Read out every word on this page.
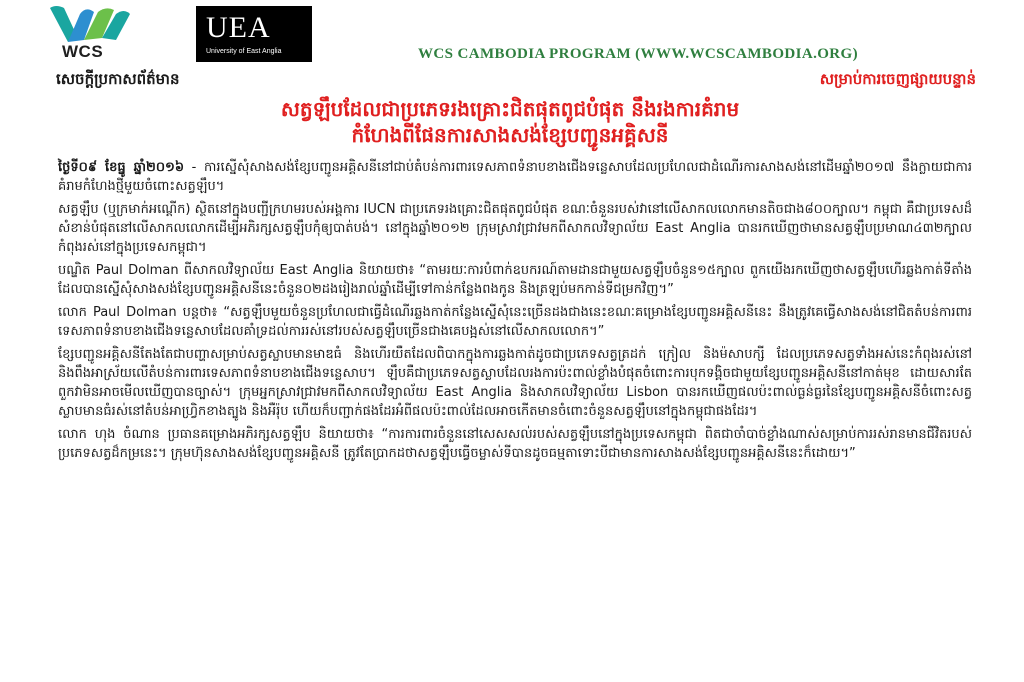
WCS
UEA
University of East Anglia	WCS CAMBODIA PROGRAM (WWW.WCSCAMBODIA.ORG)
សេចក្តីប្រកាសព័ត៌មាន	សម្រាប់ការចេញផ្សាយបន្ទាន់
សត្វឡឹបដែលជាប្រភេទរងគ្រោះជិតផុតពូជបំផុត នឹងរងការគំរាម
កំហែងពីផែនការសាងសង់ខ្សែបញ្ជូនអគ្គិសនី

ថ្ងៃទី០៩ ខែធ្នូ ឆ្នាំ២០១៦ - ការស្នើសុំសាងសង់ខ្សែបញ្ជូនអគ្គិសនីនៅជាប់តំបន់ការពារទេសភាពទំនាបខាងជើងទន្លេសាបដែលប្រហែលជាដំណើរការសាងសង់នៅដើមឆ្នាំ២០១៧ នឹងក្លាយជាការគំរាមកំហែងថ្មីមួយចំពោះសត្វឡឹប។

សត្វឡឹប (ឬក្រមាក់អណ្តើក) ស្ថិតនៅក្នុងបញ្ជីក្រហមរបស់អង្គការ IUCN ជាប្រភេទរងគ្រោះជិតផុតពូជបំផុត ខណៈចំនួនរបស់វានៅលើសាកលលោកមានតិចជាង៨០០ក្បាល។ កម្ពុជា គឺជាប្រទេសដ៏សំខាន់បំផុតនៅលើសាកលលោកដើម្បីអភិរក្សសត្វឡឹបកុំឲ្យបាត់បង់។ នៅក្នុងឆ្នាំ២០១២ ក្រុមស្រាវជ្រាវមកពីសាកលវិទ្យាល័យ East Anglia បានរកឃើញថាមានសត្វឡឹបប្រមាណ៤៣២ក្បាលកំពុងរស់នៅក្នុងប្រទេសកម្ពុជា។

បណ្ឌិត Paul Dolman ពីសាកលវិទ្យាល័យ East Anglia និយាយថា៖ “តាមរយៈការបំពាក់ឧបករណ៍តាមដានជាមួយសត្វឡឹបចំនួន១៥ក្បាល ពួកយើងរកឃើញថាសត្វឡឹបហើរឆ្លងកាត់ទីតាំងដែលបានស្នើសុំសាងសង់ខ្សែបញ្ជូនអគ្គិសនីនេះចំនួន០២ដងរៀងរាល់ឆ្នាំដើម្បីទៅកាន់កន្លែងពងកូន និងត្រឡប់មកកាន់ទីជម្រកវិញ។”

លោក Paul Dolman បន្តថា៖ “សត្វឡឹបមួយចំនួនប្រហែលជាធ្វើដំណើរឆ្លងកាត់កន្លែងស្នើសុំនេះច្រើនដងជាងនេះខណៈគម្រោងខ្សែបញ្ជូនអគ្គិសនីនេះ នឹងត្រូវគេធ្វើសាងសង់នៅជិតតំបន់ការពារទេសភាពទំនាបខាងជើងទន្លេសាបដែលគាំទ្រដល់ការរស់នៅរបស់សត្វឡឹបច្រើនជាងគេបង្អស់នៅលើសាកលលោក។”

ខ្សែបញ្ជូនអគ្គិសនីតែងតែជាបញ្ហាសម្រាប់សត្វស្លាបមានមាឌធំ និងហើរយឺតដែលពិបាកក្នុងការឆ្លងកាត់ដូចជាប្រភេទសត្វត្រដក់ ក្រៀល និងម៉សាបក្សី ដែលប្រភេទសត្វទាំងអស់នេះកំពុងរស់នៅ និងពឹងអាស្រ័យលើតំបន់ការពារទេសភាពទំនាបខាងជើងទន្លេសាប។ ឡឹបគឺជាប្រភេទសត្វស្លាបដែលរងការប៉ះពាល់ខ្លាំងបំផុតចំពោះការបុកទង្គិចជាមួយខ្សែបញ្ជូនអគ្គិសនីនៅកាត់មុខ ដោយសារតែពួកវាមិនអាចមើលឃើញបានច្បាស់។ ក្រុមអ្នកស្រាវជ្រាវមកពីសាកលវិទ្យាល័យ East Anglia និងសាកលវិទ្យាល័យ Lisbon បានរកឃើញផលប៉ះពាល់ធ្ងន់ធ្ងរនៃខ្សែបញ្ជូនអគ្គិសនីចំពោះសត្វស្លាបមានធំរស់នៅតំបន់អាហ្វ្រិកខាងត្បូង និងអឺរ៉ុប ហើយក៏បញ្ជាក់ផងដែរអំពីផលប៉ះពាល់ដែលអាចកើតមានចំពោះចំនួនសត្វឡឹបនៅក្នុងកម្ពុជាផងដែរ។

លោក ហុង ចំណាន ប្រធានគម្រោងអភិរក្សសត្វឡឹប និយាយថា៖ “ការការពារចំនួននៅសេសសល់របស់សត្វឡឹបនៅក្នុងប្រទេសកម្ពុជា ពិតជាចាំបាច់ខ្លាំងណាស់សម្រាប់ការរស់រានមានជីវិតរបស់ប្រភេទសត្វដ៏កម្រនេះ។ ក្រុមហ៊ុនសាងសង់ខ្សែបញ្ជូនអគ្គិសនី ត្រូវតែប្រាកដថាសត្វឡឹបធ្វើចម្លាស់ទីបានដូចធម្មតាទោះបីជាមានការសាងសង់ខ្សែបញ្ជូនអគ្គិសនីនេះក៏ដោយ។”
